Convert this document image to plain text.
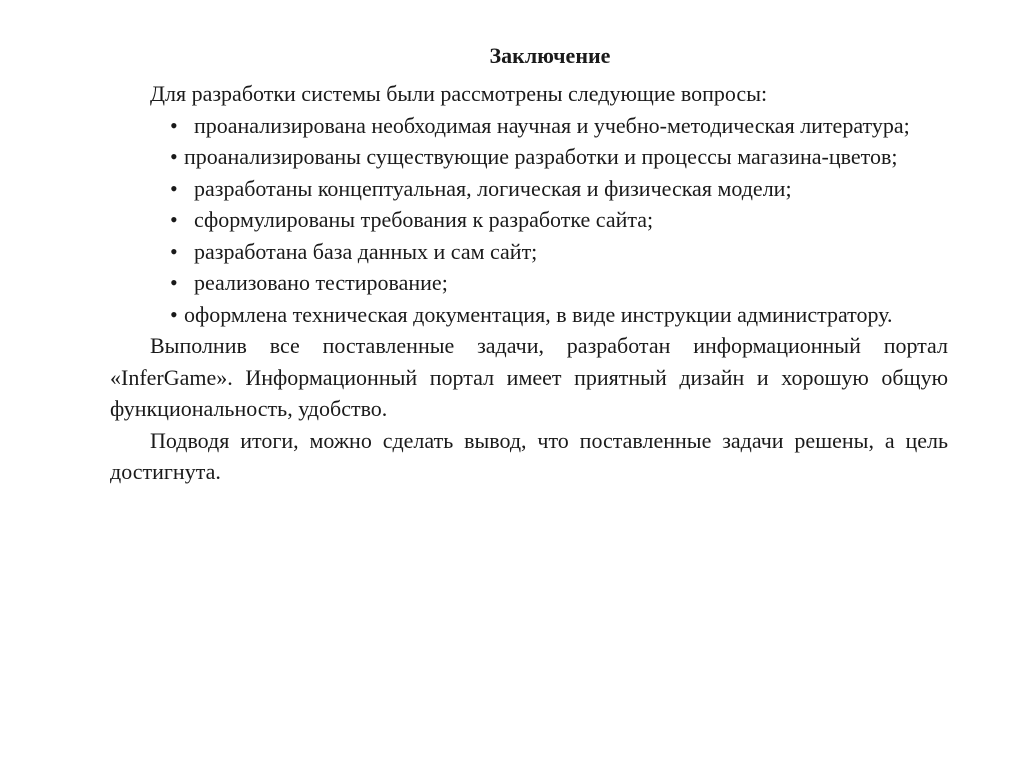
Заключение

Для разработки системы были рассмотрены следующие вопросы:

• проанализирована необходимая научная и учебно-методическая литература;
• проанализированы существующие разработки и процессы магазина-цветов;
• разработаны концептуальная, логическая и физическая модели;
• сформулированы требования к разработке сайта;
• разработана база данных и сам сайт;
• реализовано тестирование;
• оформлена техническая документация, в виде инструкции администратору.

Выполнив все поставленные задачи, разработан информационный портал «InferGame». Информационный портал имеет приятный дизайн и хорошую общую функциональность, удобство.

Подводя итоги, можно сделать вывод, что поставленные задачи решены, а цель достигнута.
